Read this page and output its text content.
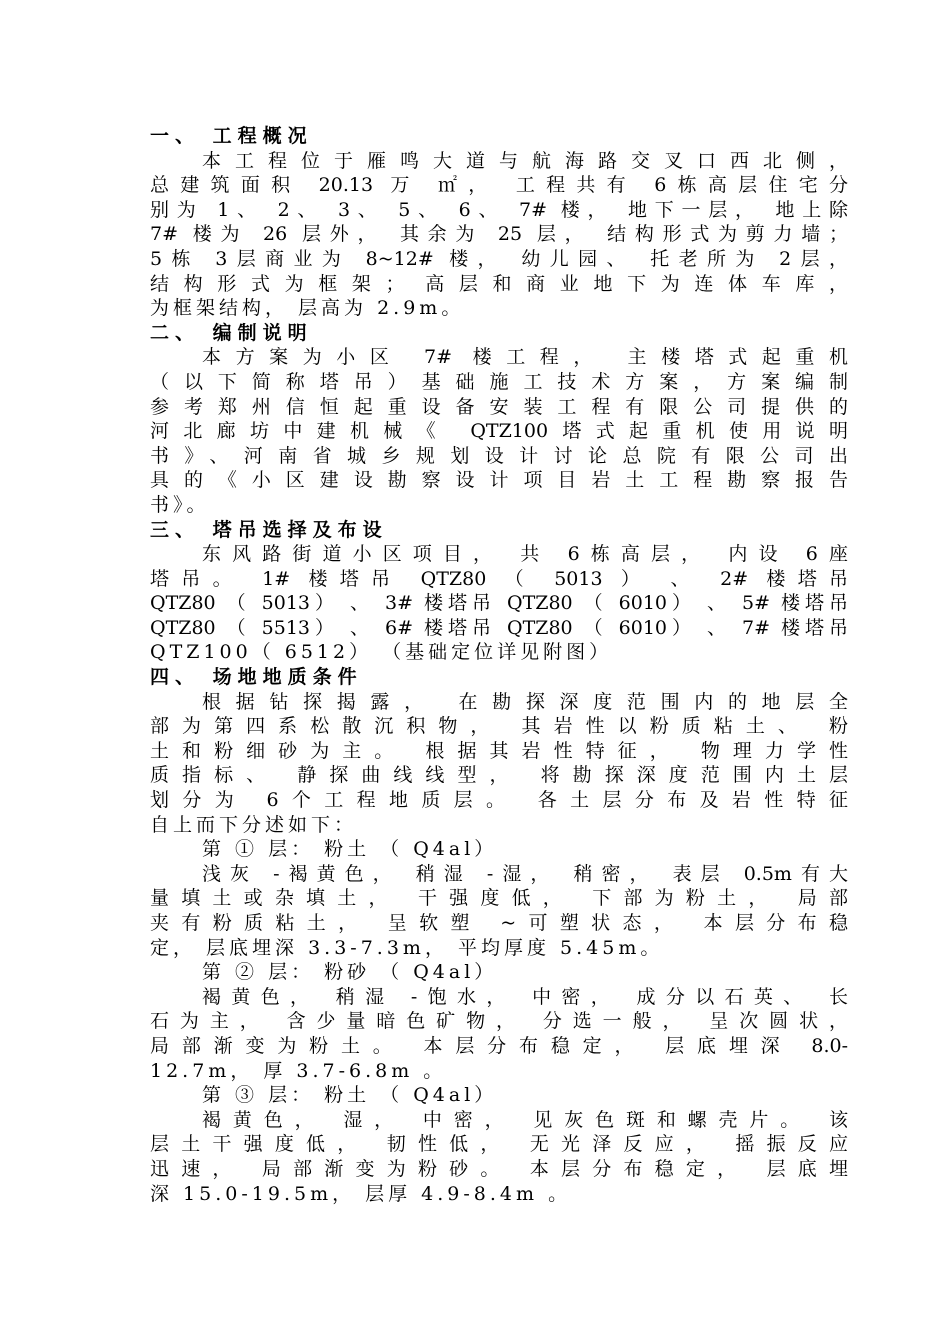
一、 工程概况
本工程位于雁鸣大道与航海路交叉口西北侧，
总建筑面积 20.13 万 ㎡， 工程共有 6栋高层住宅分
别为 1、 2、 3、 5、 6、 7# 楼， 地下一层， 地上除
7# 楼为 26 层外， 其余为 25 层， 结构形式为剪力墙；
5栋 3层商业为 8~12# 楼， 幼儿园、 托老所为 2层，
结构形式为框架； 高层和商业地下为连体车库，
为框架结构， 层高为 2.9m。
二、 编制说明
本方案为小区 7# 楼工程， 主楼塔式起重机
（以下简称塔吊）基础施工技术方案，方案编制
参考郑州信恒起重设备安装工程有限公司提供的
河北廊坊中建机械《 QTZ100塔式起重机使用说明
书》、河南省城乡规划设计讨论总院有限公司出
具的《小区建设勘察设计项目岩土工程勘察报告
书》。
三、 塔吊选择及布设
东风路街道小区项目， 共 6栋高层， 内设 6座
塔吊。 1# 楼塔吊 QTZ80 （ 5013 ） 、 2# 楼塔吊
QTZ80 （ 5013） 、 3# 楼塔吊 QTZ80 （ 6010） 、 5# 楼塔吊
QTZ80 （ 5513） 、 6# 楼塔吊 QTZ80 （ 6010） 、 7# 楼塔吊
QTZ100（ 6512） （基础定位详见附图）
四、 场地地质条件
根据钻探揭露， 在勘探深度范围内的地层全
部为第四系松散沉积物， 其岩性以粉质粘土、 粉
土和粉细砂为主。 根据其岩性特征， 物理力学性
质指标、 静探曲线线型， 将勘探深度范围内土层
划分为 6个工程地质层。 各土层分布及岩性特征
自上而下分述如下：
第 ① 层： 粉土 （ Q4al）
浅灰 -褐黄色， 稍湿 -湿， 稍密， 表层 0.5m有大
量填土或杂填土， 干强度低， 下部为粉土， 局部
夹有粉质粘土， 呈软塑 ~可塑状态， 本层分布稳
定， 层底埋深 3.3-7.3m， 平均厚度 5.45m。
第 ② 层： 粉砂 （ Q4al）
褐黄色， 稍湿 -饱水， 中密， 成分以石英、 长
石为主， 含少量暗色矿物， 分选一般， 呈次圆状，
局部渐变为粉土。 本层分布稳定， 层底埋深 8.0-
12.7m， 厚 3.7-6.8m 。
第 ③ 层： 粉土 （ Q4al）
褐黄色， 湿， 中密， 见灰色斑和螺壳片。 该
层土干强度低， 韧性低， 无光泽反应， 摇振反应
迅速， 局部渐变为粉砂。 本层分布稳定， 层底埋
深 15.0-19.5m， 层厚 4.9-8.4m 。
